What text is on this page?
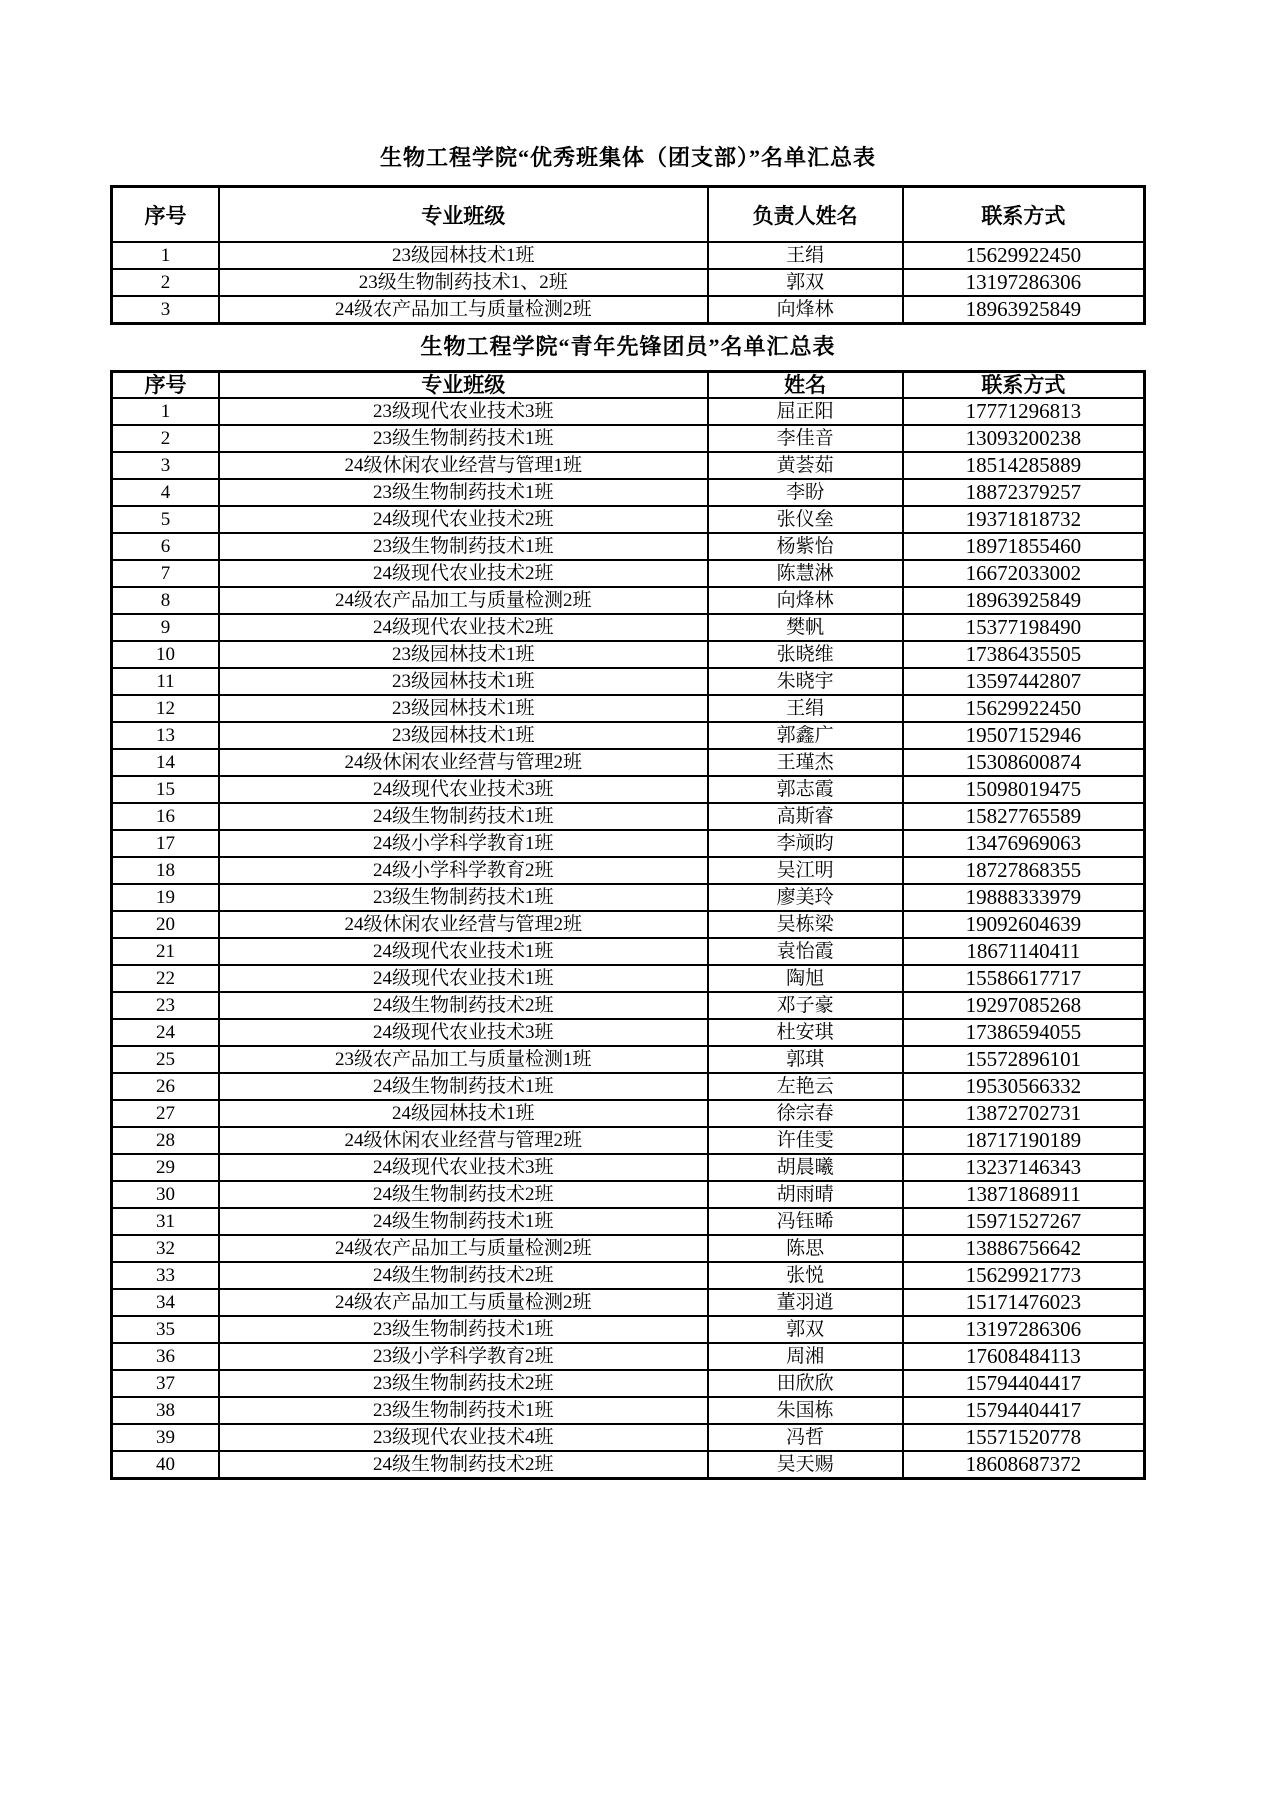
生物工程学院“优秀班集体（团支部）”名单汇总表
序号	专业班级	负责人姓名	联系方式
1	23级园林技术1班	王绢	15629922450
2	23级生物制药技术1、2班	郭双	13197286306
3	24级农产品加工与质量检测2班	向烽林	18963925849
生物工程学院“青年先锋团员”名单汇总表
序号	专业班级	姓名	联系方式
1	23级现代农业技术3班	屈正阳	17771296813
2	23级生物制药技术1班	李佳音	13093200238
3	24级休闲农业经营与管理1班	黄荟茹	18514285889
4	23级生物制药技术1班	李盼	18872379257
5	24级现代农业技术2班	张仪垒	19371818732
6	23级生物制药技术1班	杨紫怡	18971855460
7	24级现代农业技术2班	陈慧淋	16672033002
8	24级农产品加工与质量检测2班	向烽林	18963925849
9	24级现代农业技术2班	樊帆	15377198490
10	23级园林技术1班	张晓维	17386435505
11	23级园林技术1班	朱晓宇	13597442807
12	23级园林技术1班	王绢	15629922450
13	23级园林技术1班	郭鑫广	19507152946
14	24级休闲农业经营与管理2班	王瑾杰	15308600874
15	24级现代农业技术3班	郭志霞	15098019475
16	24级生物制药技术1班	高斯睿	15827765589
17	24级小学科学教育1班	李颃昀	13476969063
18	24级小学科学教育2班	吴江明	18727868355
19	23级生物制药技术1班	廖美玲	19888333979
20	24级休闲农业经营与管理2班	吴栋梁	19092604639
21	24级现代农业技术1班	袁怡霞	18671140411
22	24级现代农业技术1班	陶旭	15586617717
23	24级生物制药技术2班	邓子豪	19297085268
24	24级现代农业技术3班	杜安琪	17386594055
25	23级农产品加工与质量检测1班	郭琪	15572896101
26	24级生物制药技术1班	左艳云	19530566332
27	24级园林技术1班	徐宗春	13872702731
28	24级休闲农业经营与管理2班	许佳雯	18717190189
29	24级现代农业技术3班	胡晨曦	13237146343
30	24级生物制药技术2班	胡雨晴	13871868911
31	24级生物制药技术1班	冯钰晞	15971527267
32	24级农产品加工与质量检测2班	陈思	13886756642
33	24级生物制药技术2班	张悦	15629921773
34	24级农产品加工与质量检测2班	董羽逍	15171476023
35	23级生物制药技术1班	郭双	13197286306
36	23级小学科学教育2班	周湘	17608484113
37	23级生物制药技术2班	田欣欣	15794404417
38	23级生物制药技术1班	朱国栋	15794404417
39	23级现代农业技术4班	冯哲	15571520778
40	24级生物制药技术2班	吴天赐	18608687372
